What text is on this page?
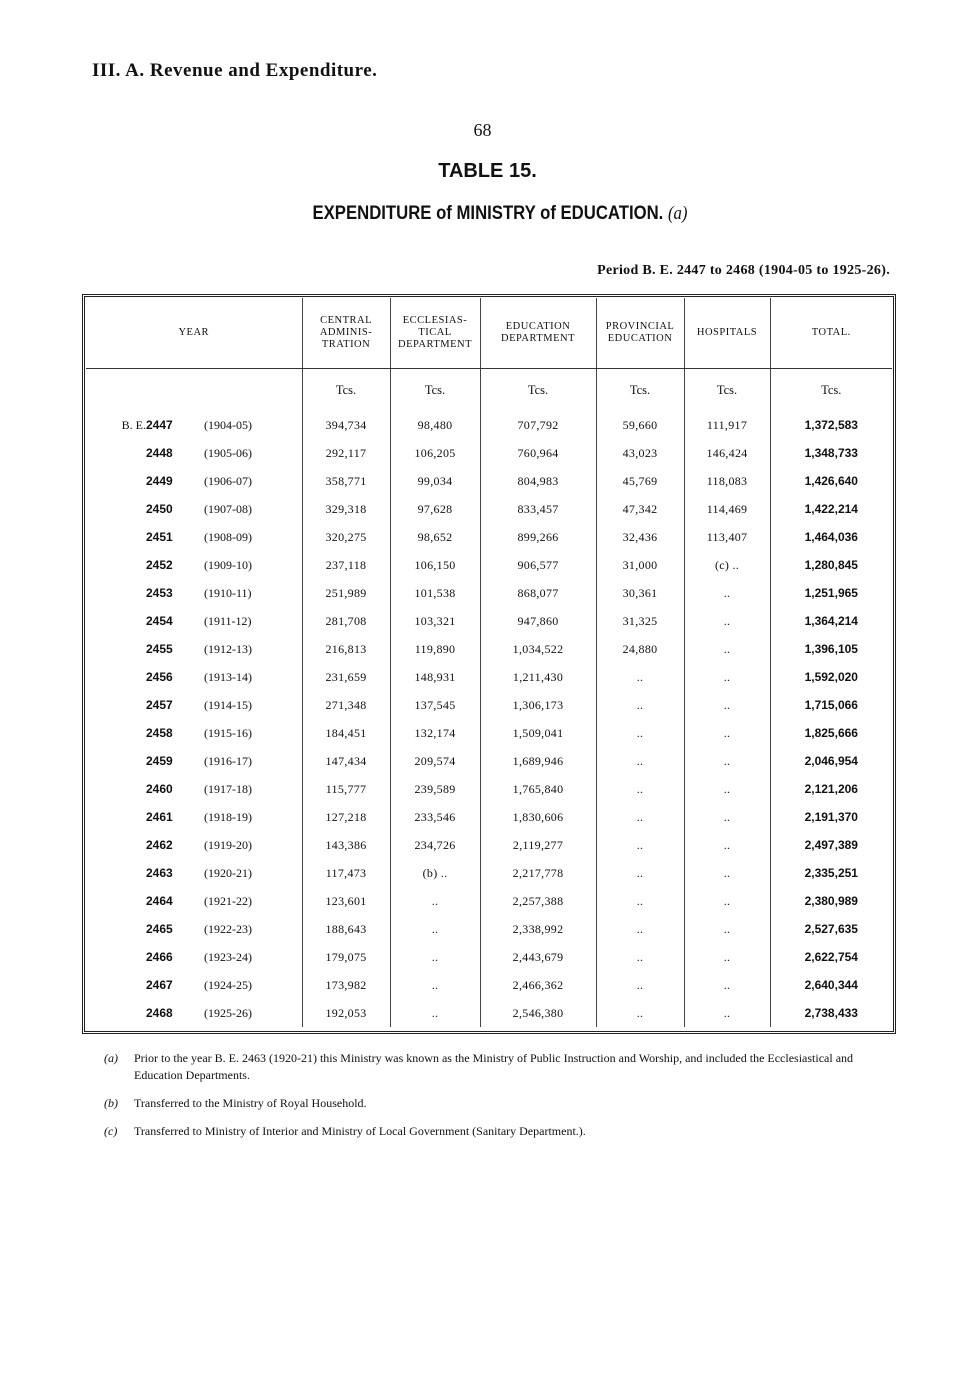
III. A. Revenue and Expenditure.
68
TABLE 15.
EXPENDITURE of MINISTRY of EDUCATION. (a)
Period B. E. 2447 to 2468 (1904-05 to 1925-26).
YEAR			CENTRAL ADMINIS-TRATION	ECCLESIAS-TICAL DEPARTMENT	EDUCATION DEPARTMENT	PROVINCIAL EDUCATION	HOSPITALS	TOTAL.
			Tcs.	Tcs.	Tcs.	Tcs.	Tcs.	Tcs.
B. E.	2447	(1904-05)	394,734	98,480	707,792	59,660	111,917	1,372,583
	2448	(1905-06)	292,117	106,205	760,964	43,023	146,424	1,348,733
	2449	(1906-07)	358,771	99,034	804,983	45,769	118,083	1,426,640
	2450	(1907-08)	329,318	97,628	833,457	47,342	114,469	1,422,214
	2451	(1908-09)	320,275	98,652	899,266	32,436	113,407	1,464,036
	2452	(1909-10)	237,118	106,150	906,577	31,000	(c) ..	1,280,845
	2453	(1910-11)	251,989	101,538	868,077	30,361	..	1,251,965
	2454	(1911-12)	281,708	103,321	947,860	31,325	..	1,364,214
	2455	(1912-13)	216,813	119,890	1,034,522	24,880	..	1,396,105
	2456	(1913-14)	231,659	148,931	1,211,430	..	..	1,592,020
	2457	(1914-15)	271,348	137,545	1,306,173	..	..	1,715,066
	2458	(1915-16)	184,451	132,174	1,509,041	..	..	1,825,666
	2459	(1916-17)	147,434	209,574	1,689,946	..	..	2,046,954
	2460	(1917-18)	115,777	239,589	1,765,840	..	..	2,121,206
	2461	(1918-19)	127,218	233,546	1,830,606	..	..	2,191,370
	2462	(1919-20)	143,386	234,726	2,119,277	..	..	2,497,389
	2463	(1920-21)	117,473	(b) ..	2,217,778	..	..	2,335,251
	2464	(1921-22)	123,601	..	2,257,388	..	..	2,380,989
	2465	(1922-23)	188,643	..	2,338,992	..	..	2,527,635
	2466	(1923-24)	179,075	..	2,443,679	..	..	2,622,754
	2467	(1924-25)	173,982	..	2,466,362	..	..	2,640,344
	2468	(1925-26)	192,053	..	2,546,380	..	..	2,738,433
(a)	Prior to the year B. E. 2463 (1920-21) this Ministry was known as the Ministry of Public Instruction and Worship, and included the Ecclesiastical and Education Departments.
(b)	Transferred to the Ministry of Royal Household.
(c)	Transferred to Ministry of Interior and Ministry of Local Government (Sanitary Department.).
